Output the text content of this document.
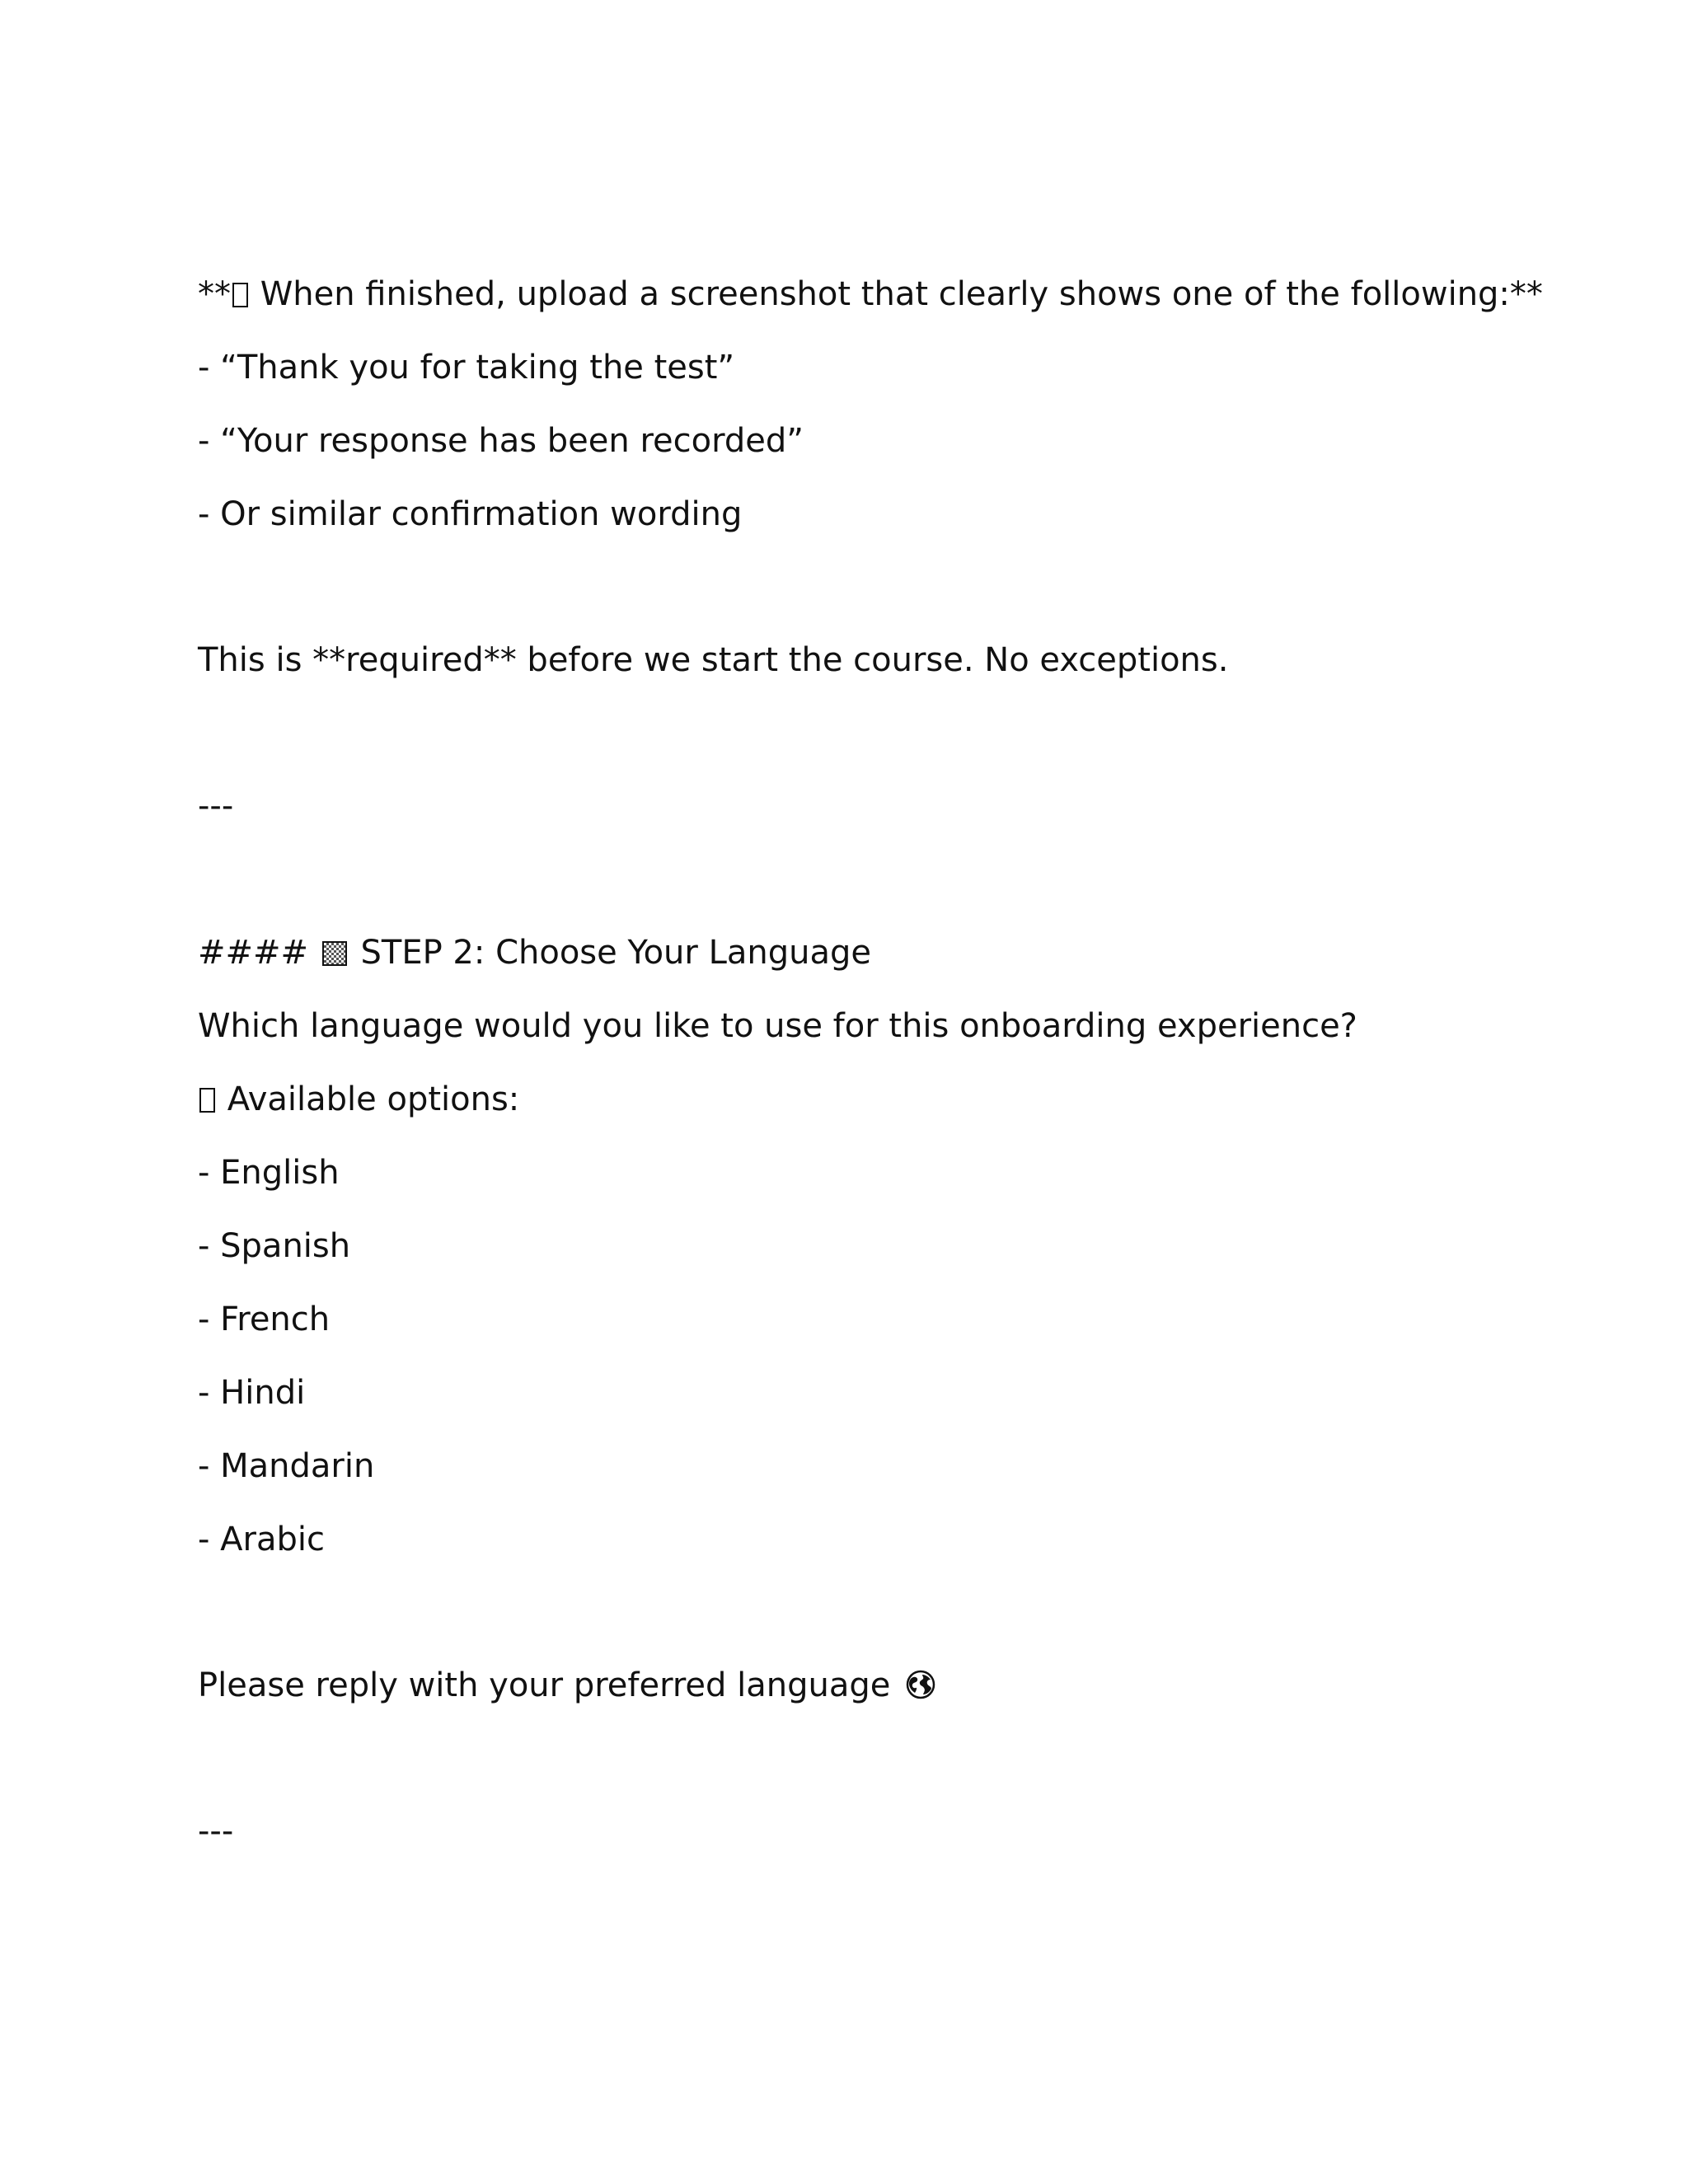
** When finished, upload a screenshot that clearly shows one of the following:**
- “Thank you for taking the test”
- “Your response has been recorded”
- Or similar confirmation wording
This is **required** before we start the course. No exceptions.
---
####  STEP 2: Choose Your Language
Which language would you like to use for this onboarding experience?
Available options:
- English
- Spanish
- French
- Hindi
- Mandarin
- Arabic
Please reply with your preferred language
---
